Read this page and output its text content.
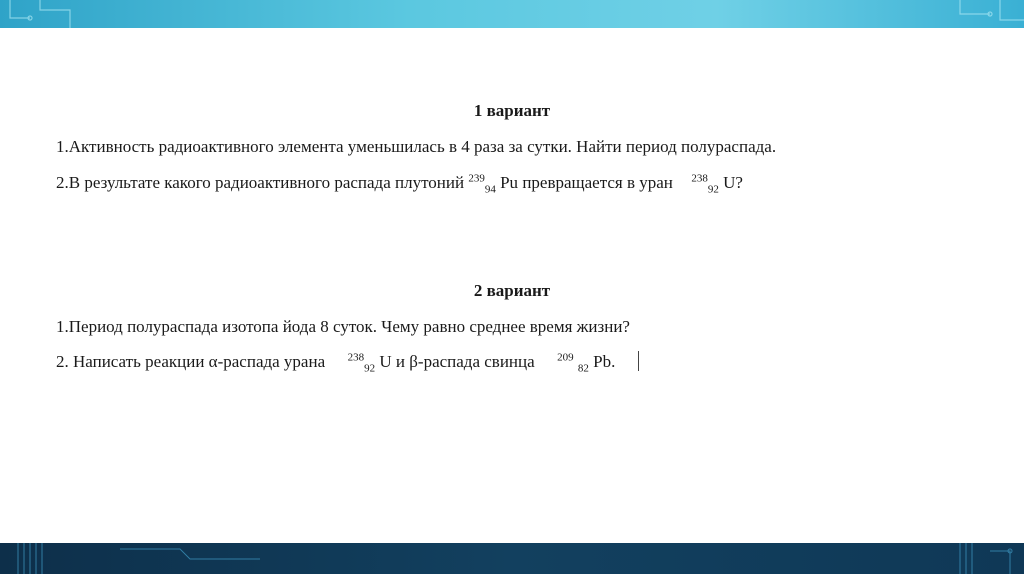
1 вариант
1.Активность радиоактивного элемента уменьшилась в 4 раза за сутки. Найти период полураспада.
2.В результате какого радиоактивного распада плутоний $^{239}_{94}$ Pu превращается в уран $^{238}_{92}$ U?
2 вариант
1.Период полураспада изотопа йода 8 суток. Чему равно среднее время жизни?
2. Написать реакции α-распада урана $^{238}_{92}$ U и β-распада свинца $^{209}$ $_{82}$ Pb.
